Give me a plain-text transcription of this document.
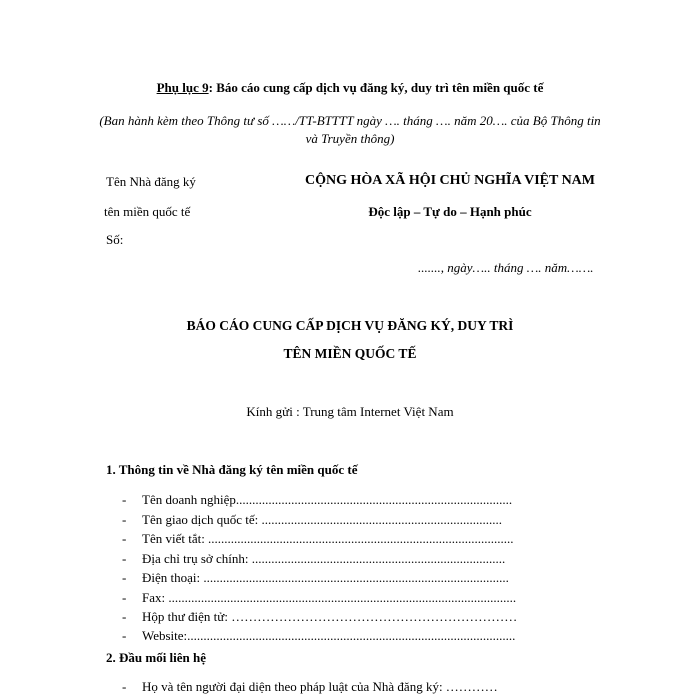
Phụ lục 9: Báo cáo cung cấp dịch vụ đăng ký, duy trì tên miền quốc tế
(Ban hành kèm theo Thông tư số ……/TT-BTTTT ngày …. tháng …. năm 20…. của Bộ Thông tin
và Truyền thông)
Tên Nhà đăng ký
tên miền quốc tế
Số:
CỘNG HÒA XÃ HỘI CHỦ NGHĨA VIỆT NAM
Độc lập – Tự do – Hạnh phúc
......., ngày….. tháng …. năm…….
BÁO CÁO CUNG CẤP DỊCH VỤ ĐĂNG KÝ, DUY TRÌ
TÊN MIỀN QUỐC TẾ
Kính gửi : Trung tâm Internet Việt Nam
1. Thông tin về Nhà đăng ký tên miền quốc tế
- Tên doanh nghiệp.....................................................................................
- Tên giao dịch quốc tế: ..........................................................................
- Tên viết tắt: ..............................................................................................
- Địa chỉ trụ sở chính: ..............................................................................
- Điện thoại: ..............................................................................................
- Fax: ...........................................................................................................
- Hộp thư điện tử: …………………………………………………………
- Website:.....................................................................................................
2. Đầu mối liên hệ
- Họ và tên người đại diện theo pháp luật của Nhà đăng ký: …………
